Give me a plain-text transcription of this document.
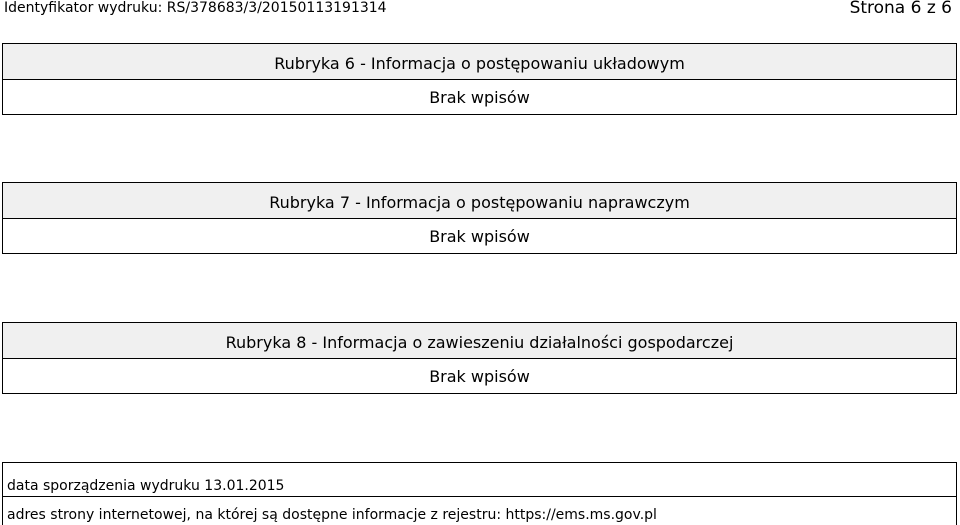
Identyfikator wydruku: RS/378683/3/20150113191314	Strona 6 z 6
Rubryka 6 - Informacja o postępowaniu układowym
Brak wpisów
Rubryka 7 - Informacja o postępowaniu naprawczym
Brak wpisów
Rubryka 8 - Informacja o zawieszeniu działalności gospodarczej
Brak wpisów
data sporządzenia wydruku 13.01.2015
adres strony internetowej, na której są dostępne informacje z rejestru: https://ems.ms.gov.pl
